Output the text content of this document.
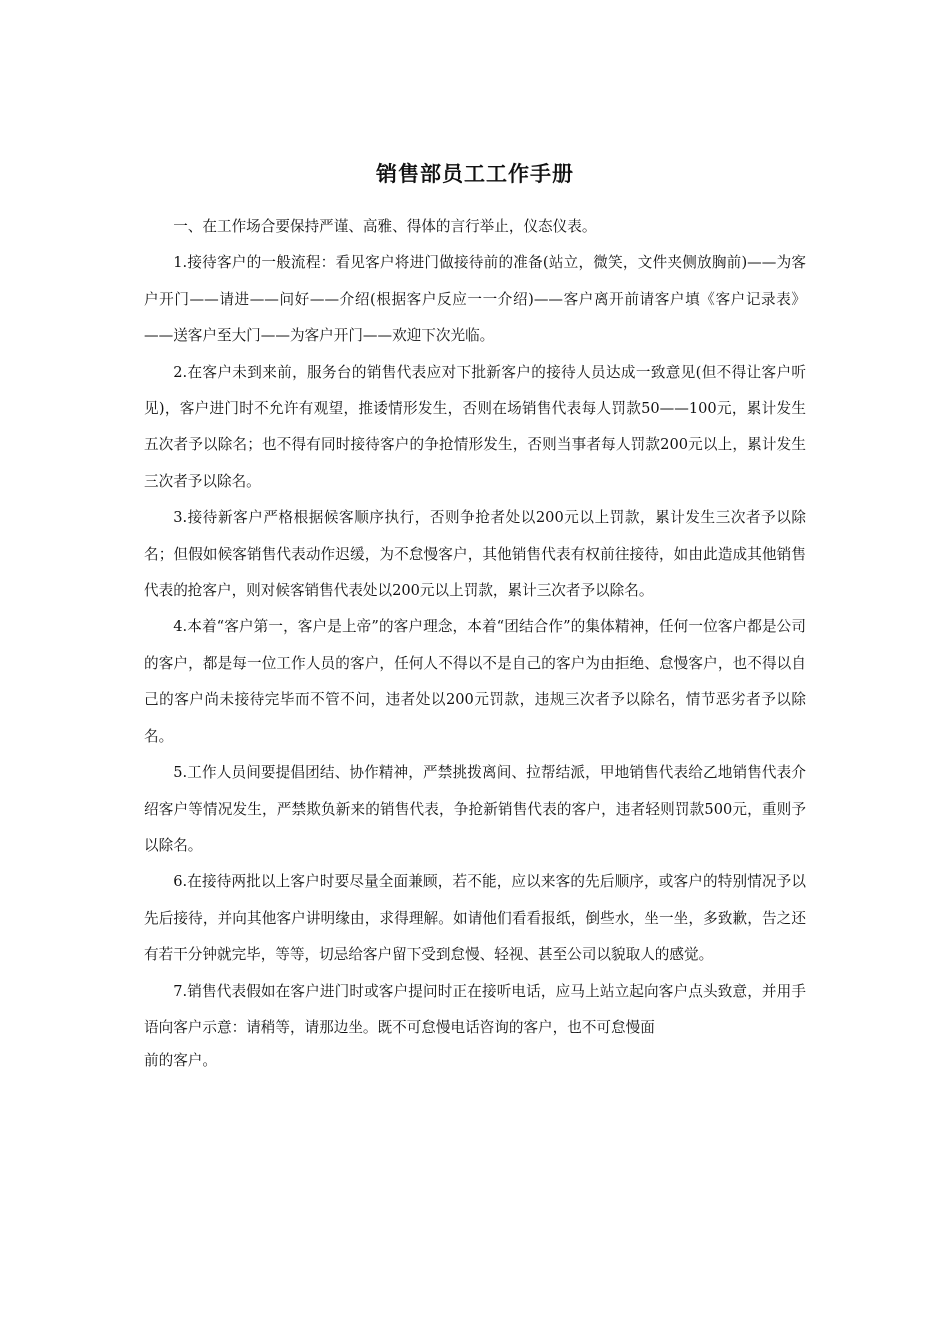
销售部员工工作手册

一、在工作场合要保持严谨、高雅、得体的言行举止，仪态仪表。

1.接待客户的一般流程：看见客户将进门做接待前的准备(站立，微笑，文件夹侧放胸前)——为客户开门——请进——问好——介绍(根据客户反应一一介绍)——客户离开前请客户填《客户记录表》——送客户至大门——为客户开门——欢迎下次光临。

2.在客户未到来前，服务台的销售代表应对下批新客户的接待人员达成一致意见(但不得让客户听见)，客户进门时不允许有观望，推诿情形发生，否则在场销售代表每人罚款50——100元，累计发生五次者予以除名；也不得有同时接待客户的争抢情形发生，否则当事者每人罚款200元以上，累计发生三次者予以除名。

3.接待新客户严格根据候客顺序执行，否则争抢者处以200元以上罚款，累计发生三次者予以除名；但假如候客销售代表动作迟缓，为不怠慢客户，其他销售代表有权前往接待，如由此造成其他销售代表的抢客户，则对候客销售代表处以200元以上罚款，累计三次者予以除名。

4.本着“客户第一，客户是上帝”的客户理念，本着“团结合作”的集体精神，任何一位客户都是公司的客户，都是每一位工作人员的客户，任何人不得以不是自己的客户为由拒绝、怠慢客户，也不得以自己的客户尚未接待完毕而不管不问，违者处以200元罚款，违规三次者予以除名，情节恶劣者予以除名。

5.工作人员间要提倡团结、协作精神，严禁挑拨离间、拉帮结派，甲地销售代表给乙地销售代表介绍客户等情况发生，严禁欺负新来的销售代表，争抢新销售代表的客户，违者轻则罚款500元，重则予以除名。

6.在接待两批以上客户时要尽量全面兼顾，若不能，应以来客的先后顺序，或客户的特别情况予以先后接待，并向其他客户讲明缘由，求得理解。如请他们看看报纸，倒些水，坐一坐，多致歉，告之还有若干分钟就完毕，等等，切忌给客户留下受到怠慢、轻视、甚至公司以貌取人的感觉。

7.销售代表假如在客户进门时或客户提问时正在接听电话，应马上站立起向客户点头致意，并用手语向客户示意：请稍等，请那边坐。既不可怠慢电话咨询的客户，也不可怠慢面

前的客户。
